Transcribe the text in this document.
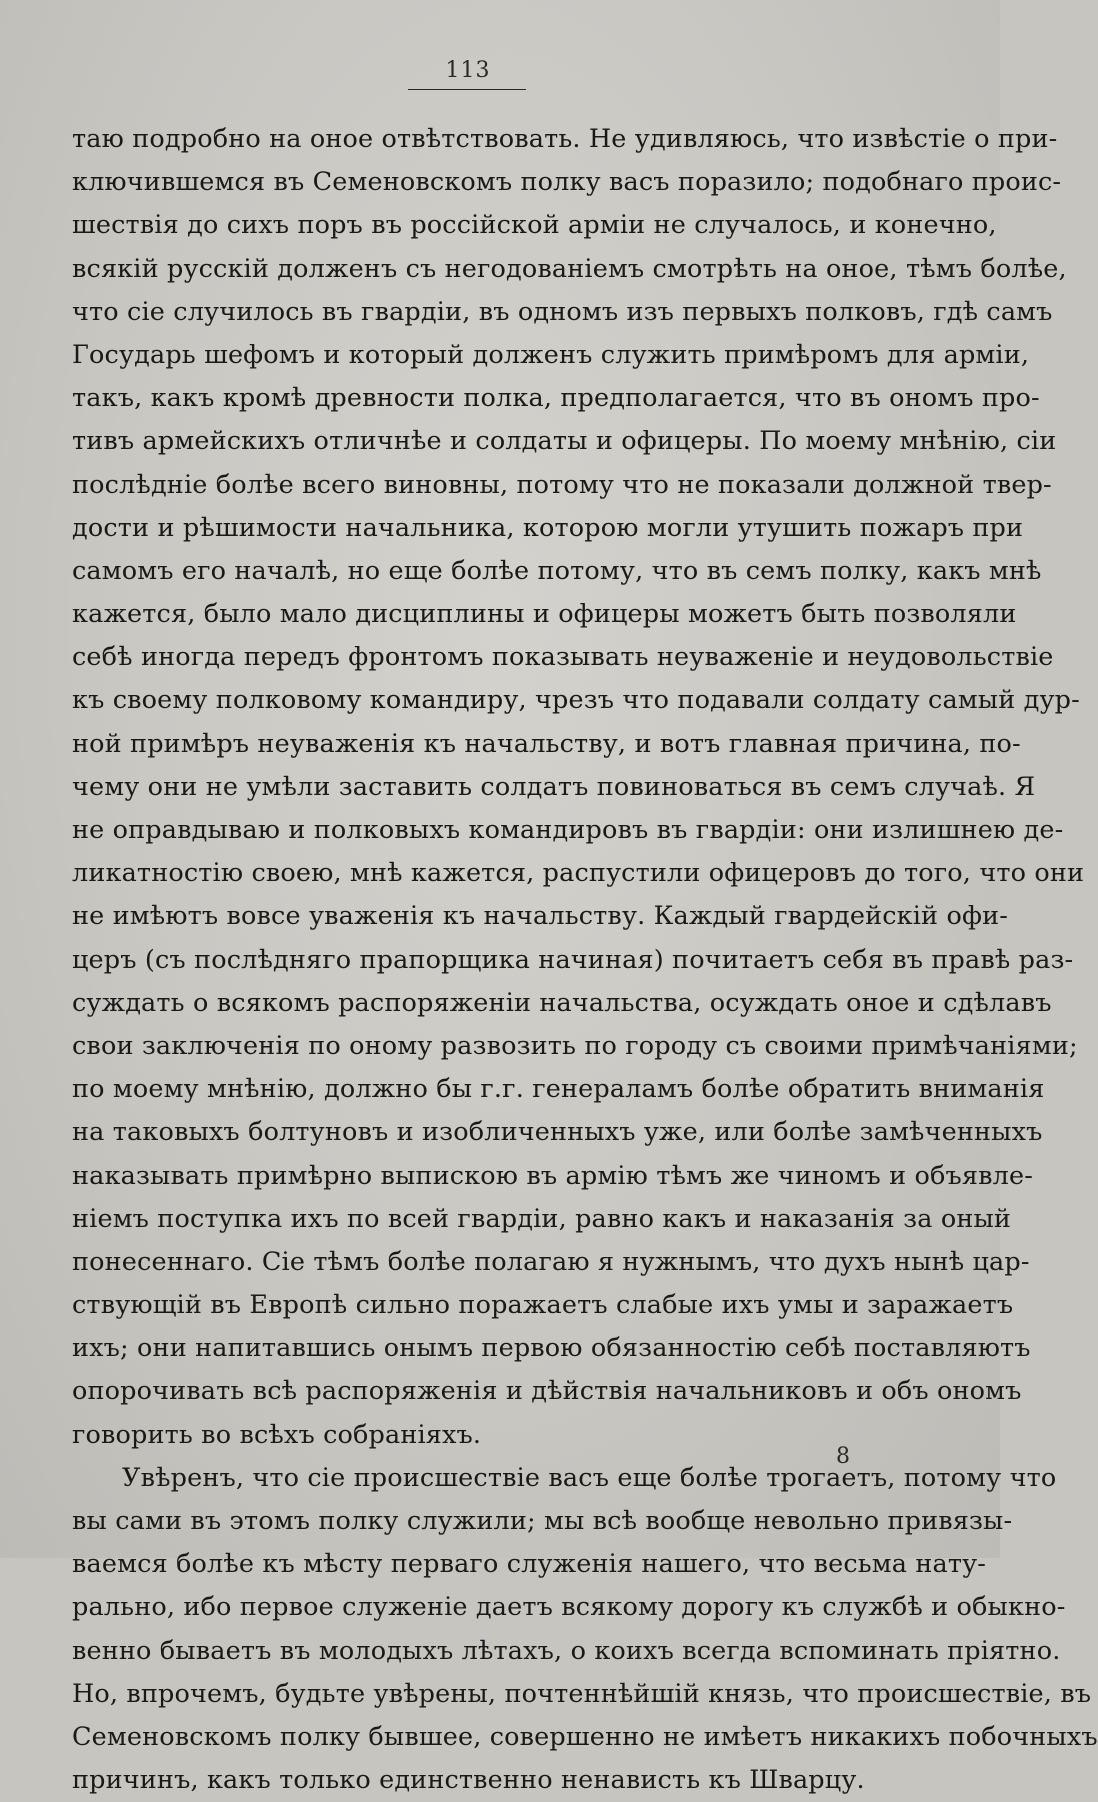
113
таю подробно на оное отвѣтствовать. Не удивляюсь, что извѣстіе о при-
ключившемся въ Семеновскомъ полку васъ поразило; подобнаго проис-
шествія до сихъ поръ въ россійской арміи не случалось, и конечно,
всякій русскій долженъ съ негодованіемъ смотрѣть на оное, тѣмъ болѣе,
что сіе случилось въ гвардіи, въ одномъ изъ первыхъ полковъ, гдѣ самъ
Государь шефомъ и который долженъ служить примѣромъ для арміи,
такъ, какъ кромѣ древности полка, предполагается, что въ ономъ про-
тивъ армейскихъ отличнѣе и солдаты и офицеры. По моему мнѣнію, сіи
послѣдніе болѣе всего виновны, потому что не показали должной твер-
дости и рѣшимости начальника, которою могли утушить пожаръ при
самомъ его началѣ, но еще болѣе потому, что въ семъ полку, какъ мнѣ
кажется, было мало дисциплины и офицеры можетъ быть позволяли
себѣ иногда передъ фронтомъ показывать неуваженіе и неудовольствіе
къ своему полковому командиру, чрезъ что подавали солдату самый дур-
ной примѣръ неуваженія къ начальству, и вотъ главная причина, по-
чему они не умѣли заставить солдатъ повиноваться въ семъ случаѣ. Я
не оправдываю и полковыхъ командировъ въ гвардіи: они излишнею де-
ликатностію своею, мнѣ кажется, распустили офицеровъ до того, что они
не имѣютъ вовсе уваженія къ начальству. Каждый гвардейскій офи-
церъ (съ послѣдняго прапорщика начиная) почитаетъ себя въ правѣ раз-
суждать о всякомъ распоряженіи начальства, осуждать оное и сдѣлавъ
свои заключенія по оному развозить по городу съ своими примѣчаніями;
по моему мнѣнію, должно бы г.г. генераламъ болѣе обратить вниманія
на таковыхъ болтуновъ и изобличенныхъ уже, или болѣе замѣченныхъ
наказывать примѣрно выпискою въ армію тѣмъ же чиномъ и объявле-
ніемъ поступка ихъ по всей гвардіи, равно какъ и наказанія за оный
понесеннаго. Сіе тѣмъ болѣе полагаю я нужнымъ, что духъ нынѣ цар-
ствующій въ Европѣ сильно поражаетъ слабые ихъ умы и заражаетъ
ихъ; они напитавшись онымъ первою обязанностію себѣ поставляютъ
опорочивать всѣ распоряженія и дѣйствія начальниковъ и объ ономъ
говорить во всѣхъ собраніяхъ.
Увѣренъ, что сіе происшествіе васъ еще болѣе трогаетъ, потому что
вы сами въ этомъ полку служили; мы всѣ вообще невольно привязы-
ваемся болѣе къ мѣсту перваго служенія нашего, что весьма нату-
рально, ибо первое служеніе даетъ всякому дорогу къ службѣ и обыкно-
венно бываетъ въ молодыхъ лѣтахъ, о коихъ всегда вспоминать пріятно.
Но, впрочемъ, будьте увѣрены, почтеннѣйшій князь, что происшествіе, въ
Семеновскомъ полку бывшее, совершенно не имѣетъ никакихъ побочныхъ
причинъ, какъ только единственно ненависть къ Шварцу.
8
